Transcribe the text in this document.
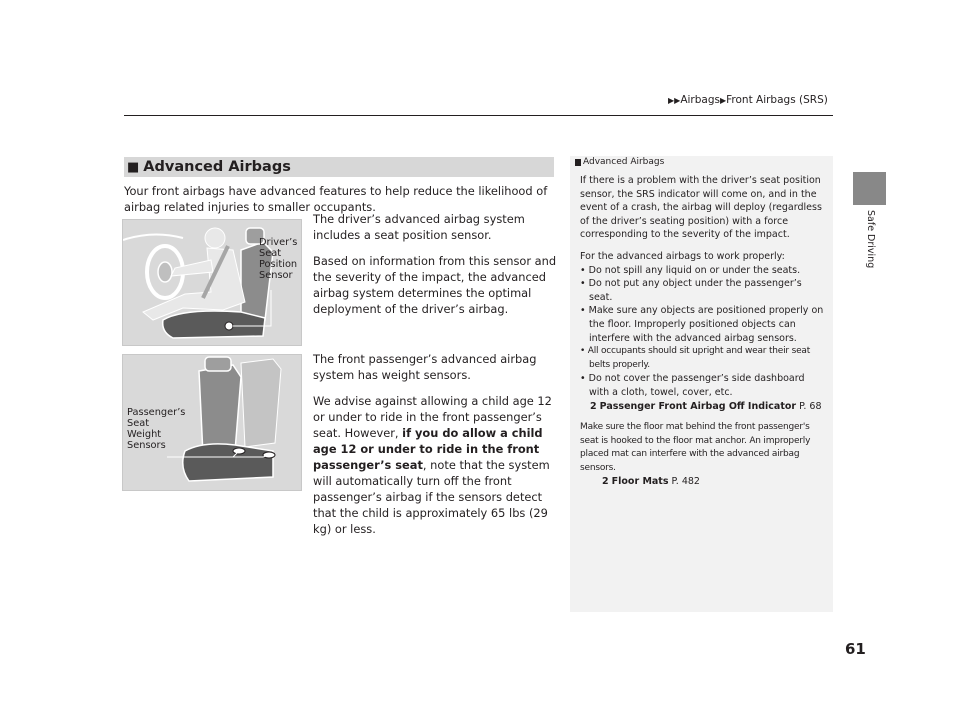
▶▶Airbags▶Front Airbags (SRS)
Safe Driving
■ Advanced Airbags
Your front airbags have advanced features to help reduce the likelihood of airbag related injuries to smaller occupants.

The driver’s advanced airbag system includes a seat position sensor.

Based on information from this sensor and the severity of the impact, the advanced airbag system determines the optimal deployment of the driver’s airbag.

The front passenger’s advanced airbag system has weight sensors.

We advise against allowing a child age 12 or under to ride in the front passenger’s seat. However, if you do allow a child age 12 or under to ride in the front passenger’s seat, note that the system will automatically turn off the front passenger’s airbag if the sensors detect that the child is approximately 65 lbs (29 kg) or less.

Driver’s
Seat
Position
Sensor
Passenger’s
Seat
Weight
Sensors
Advanced Airbags

If there is a problem with the driver’s seat position sensor, the SRS indicator will come on, and in the event of a crash, the airbag will deploy (regardless of the driver’s seating position) with a force corresponding to the severity of the impact.

For the advanced airbags to work properly:

• Do not spill any liquid on or under the seats.

• Do not put any object under the passenger’s seat.

• Make sure any objects are positioned properly on the floor. Improperly positioned objects can interfere with the advanced airbag sensors.

• All occupants should sit upright and wear their seat belts properly.

• Do not cover the passenger’s side dashboard with a cloth, towel, cover, etc.

2 Passenger Front Airbag Off Indicator P. 68

Make sure the floor mat behind the front passenger's seat is hooked to the floor mat anchor. An improperly placed mat can interfere with the advanced airbag sensors.

2 Floor Mats P. 482

61
